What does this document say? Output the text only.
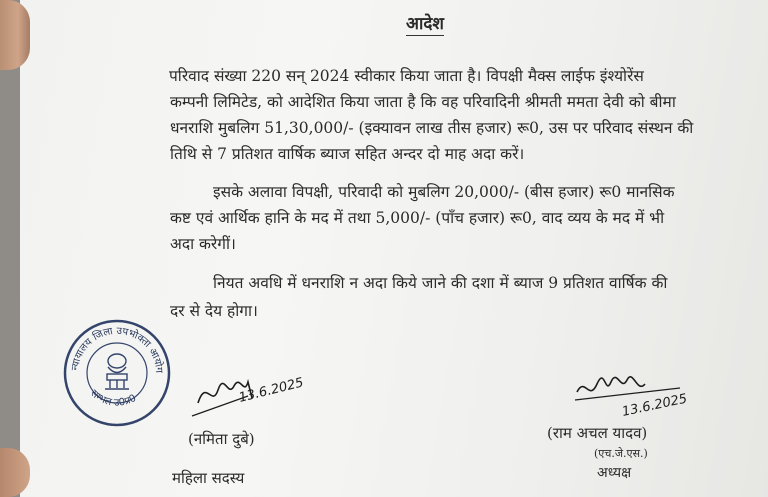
आदेश
परिवाद संख्या 220 सन् 2024 स्वीकार किया जाता है। विपक्षी मैक्स लाईफ इंश्योरेंस
कम्पनी लिमिटेड, को आदेशित किया जाता है कि वह परिवादिनी श्रीमती ममता देवी को बीमा
धनराशि मुबलिग 51,30,000/- (इक्यावन लाख तीस हजार) रू0, उस पर परिवाद संस्थन की
तिथि से 7 प्रतिशत वार्षिक ब्याज सहित अन्दर दो माह अदा करें।
इसके अलावा विपक्षी, परिवादी को मुबलिग 20,000/- (बीस हजार) रू0 मानसिक
कष्ट एवं आर्थिक हानि के मद में तथा 5,000/- (पाँच हजार) रू0, वाद व्यय के मद में भी
अदा करेगीं।
नियत अवधि में धनराशि न अदा किये जाने की दशा में ब्याज 9 प्रतिशत वार्षिक की
दर से देय होगा।
न्यायालय जिला उपभोक्ता आयोग
सम्भल उ0प्र0	13.6.2025
(नमिता दुबे)
महिला सदस्य
13.6.2025
(राम अचल यादव)
(एच.जे.एस.)
अध्यक्ष
